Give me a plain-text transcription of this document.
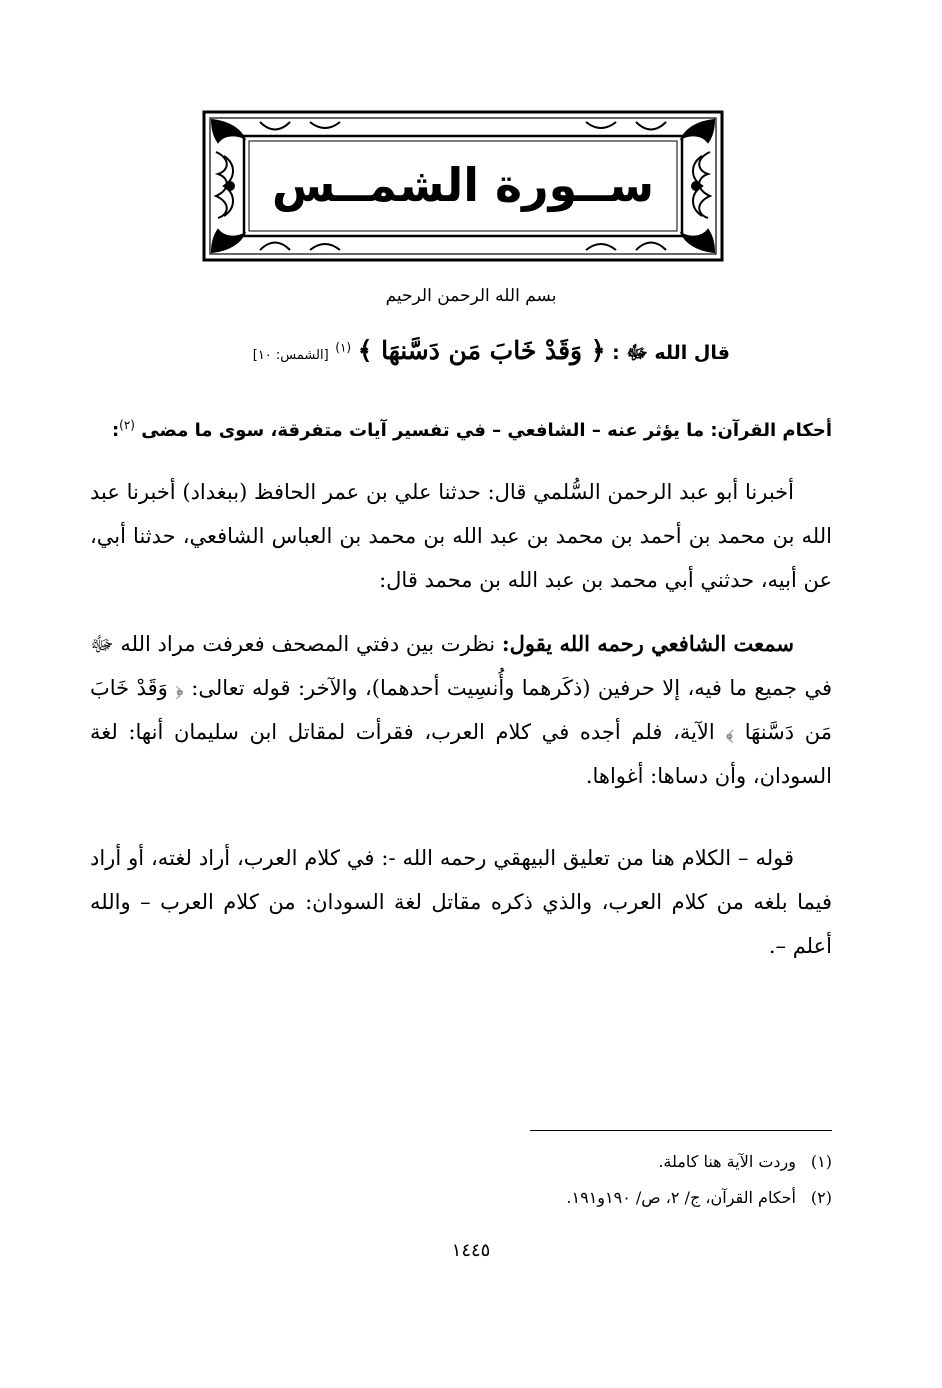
ســورة الشمــس
بسم الله الرحمن الرحيم
قال الله ﷻ : ﴿ وَقَدْ خَابَ مَن دَسَّنهَا ﴾ $^{(١)}$ [الشمس: ١٠]
أحكام القرآن: ما يؤثر عنه – الشافعي – في تفسير آيات متفرقة، سوى ما مضى $^{(٢)}$:

أخبرنا أبو عبد الرحمن السُّلمي قال: حدثنا علي بن عمر الحافظ (ببغداد) أخبرنا عبد الله بن محمد بن أحمد بن محمد بن عبد الله بن محمد بن العباس الشافعي، حدثنا أبي، عن أبيه، حدثني أبي محمد بن عبد الله بن محمد قال:

سمعت الشافعي رحمه الله يقول: نظرت بين دفتي المصحف فعرفت مراد الله ﷻ في جميع ما فيه، إلا حرفين (ذكَرهما وأُنسِيت أحدهما)، والآخر: قوله تعالى: ﴿ وَقَدْ خَابَ مَن دَسَّنهَا ﴾ الآية، فلم أجده في كلام العرب، فقرأت لمقاتل ابن سليمان أنها: لغة السودان، وأن دساها: أغواها.

قوله – الكلام هنا من تعليق البيهقي رحمه الله -: في كلام العرب، أراد لغته، أو أراد فيما بلغه من كلام العرب، والذي ذكره مقاتل لغة السودان: من كلام العرب – والله أعلم –.

(١)وردت الآية هنا كاملة.
(٢)أحكام القرآن، ج/ ٢، ص/ ١٩٠و١٩١.
١٤٤٥
